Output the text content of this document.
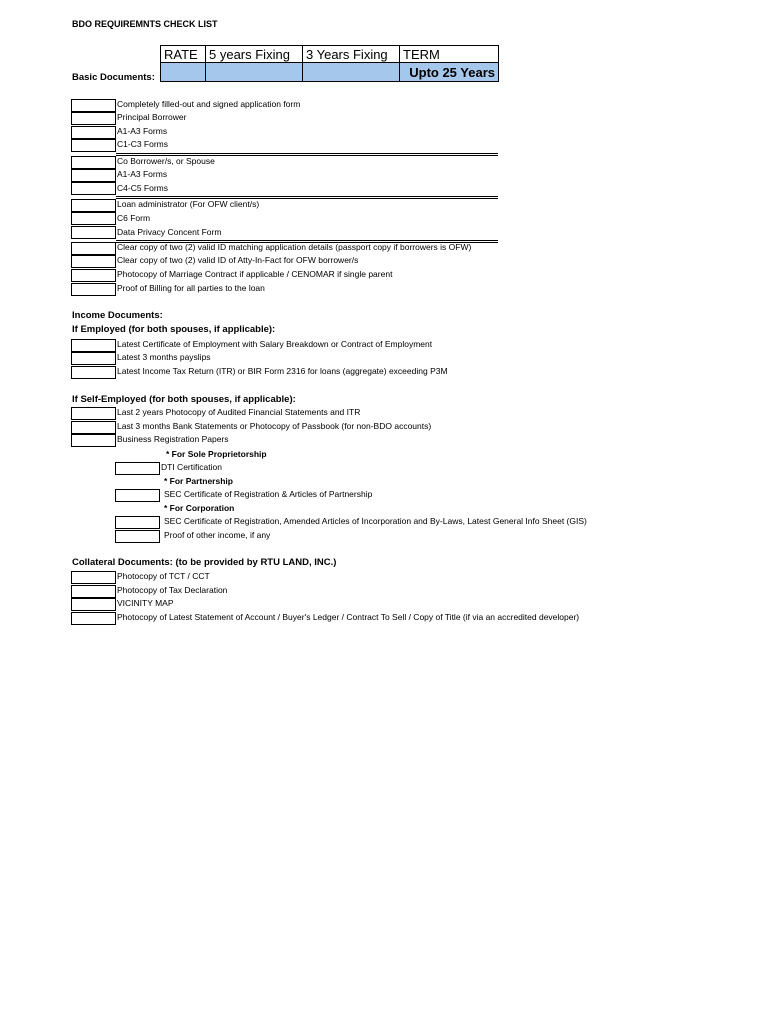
BDO REQUIREMNTS CHECK LIST
RATE	5 years Fixing	3 Years Fixing	TERM
			Upto 25 Years
Basic Documents:
Completely filled-out and signed application form
Principal Borrower
A1-A3 Forms
C1-C3 Forms
Co Borrower/s, or Spouse
A1-A3 Forms
C4-C5 Forms
Loan administrator (For OFW client/s)
C6 Form
Data Privacy Concent Form
Clear copy of two (2) valid ID matching application details (passport copy if borrowers is OFW)
Clear copy of two (2) valid ID of Atty-In-Fact for OFW borrower/s
Photocopy of Marriage Contract if applicable / CENOMAR if single parent
Proof of Billing for all parties to the loan
Income Documents:
If Employed (for both spouses, if applicable):
Latest Certificate of Employment with Salary Breakdown or Contract of Employment
Latest 3 months payslips
Latest Income Tax Return (ITR) or BIR Form 2316 for loans (aggregate) exceeding P3M
If Self-Employed (for both spouses, if applicable):
Last 2 years Photocopy of Audited Financial Statements and ITR
Last 3 months Bank Statements or Photocopy of Passbook (for non-BDO accounts)
Business Registration Papers
* For Sole Proprietorship
DTI Certification
* For Partnership
SEC Certificate of Registration & Articles of Partnership
* For Corporation
SEC Certificate of Registration, Amended Articles of Incorporation and By-Laws, Latest General Info Sheet (GIS)
Proof of other income, if any
Collateral Documents: (to be provided by RTU LAND, INC.)
Photocopy of TCT / CCT
Photocopy of Tax Declaration
VICINITY MAP
Photocopy of Latest Statement of Account / Buyer's Ledger / Contract To Sell / Copy of Title (if via an accredited developer)
